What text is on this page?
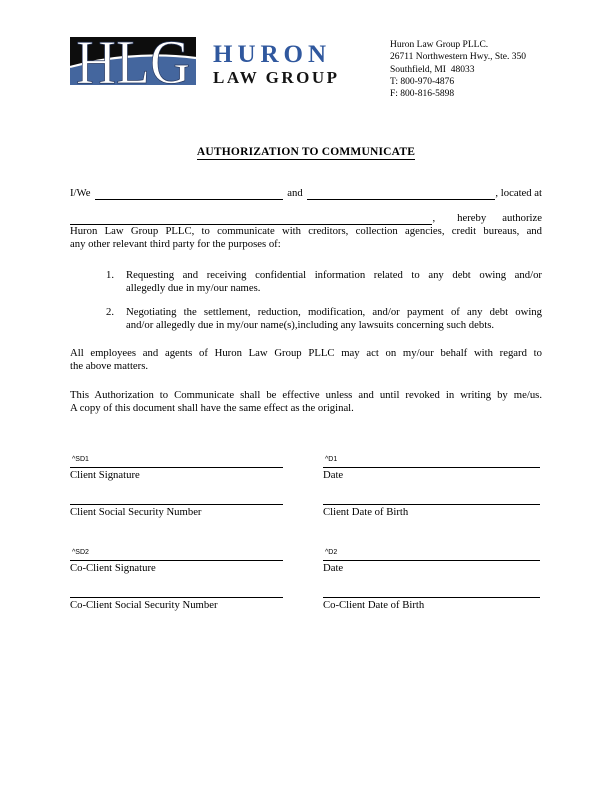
HLG HURON
LAW GROUP
Huron Law Group PLLC.
26711 Northwestern Hwy., Ste. 350
Southfield, MI  48033
T: 800-970-4876
F: 800-816-5898
AUTHORIZATION TO COMMUNICATE
I/We	and	, located at
, hereby authorize
Huron Law Group PLLC, to communicate with creditors, collection agencies, credit bureaus, and
any other relevant third party for the purposes of:
1.	Requesting and receiving confidential information related to any debt owing and/or
allegedly due in my/our names.
2.	Negotiating the settlement, reduction, modification, and/or payment of any debt owing
and/or allegedly due in my/our name(s),including any lawsuits concerning such debts.
All employees and agents of Huron Law Group PLLC may act on my/our behalf with regard to
the above matters.
This Authorization to Communicate shall be effective unless and until revoked in writing by me/us.
A copy of this document shall have the same effect as the original.
^SD1	^D1
Client Signature	Date
Client Social Security Number	Client Date of Birth
^SD2	^D2
Co-Client Signature	Date
Co-Client Social Security Number	Co-Client Date of Birth
